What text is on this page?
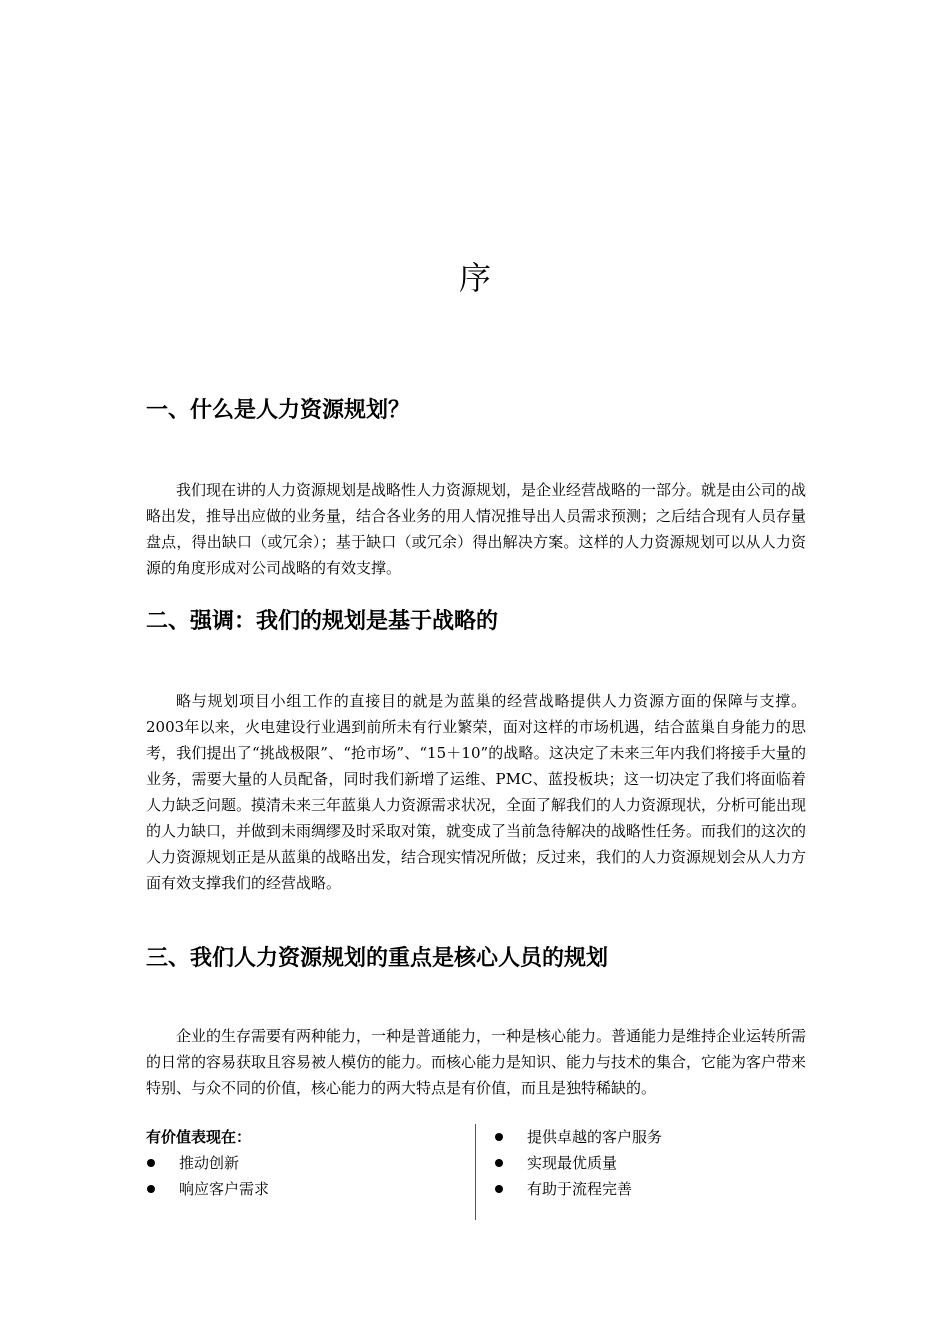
序
一、什么是人力资源规划？
我们现在讲的人力资源规划是战略性人力资源规划，是企业经营战略的一部分。就是由公司的战略出发，推导出应做的业务量，结合各业务的用人情况推导出人员需求预测；之后结合现有人员存量盘点，得出缺口（或冗余）；基于缺口（或冗余）得出解决方案。这样的人力资源规划可以从人力资源的角度形成对公司战略的有效支撑。
二、强调：我们的规划是基于战略的
略与规划项目小组工作的直接目的就是为蓝巢的经营战略提供人力资源方面的保障与支撑。2003年以来，火电建设行业遇到前所未有行业繁荣，面对这样的市场机遇，结合蓝巢自身能力的思考，我们提出了“挑战极限”、“抢市场”、“15＋10”的战略。这决定了未来三年内我们将接手大量的业务，需要大量的人员配备，同时我们新增了运维、PMC、蓝投板块；这一切决定了我们将面临着人力缺乏问题。摸清未来三年蓝巢人力资源需求状况，全面了解我们的人力资源现状，分析可能出现的人力缺口，并做到未雨绸缪及时采取对策，就变成了当前急待解决的战略性任务。而我们的这次的人力资源规划正是从蓝巢的战略出发，结合现实情况所做；反过来，我们的人力资源规划会从人力方面有效支撑我们的经营战略。
三、我们人力资源规划的重点是核心人员的规划
企业的生存需要有两种能力，一种是普通能力，一种是核心能力。普通能力是维持企业运转所需的日常的容易获取且容易被人模仿的能力。而核心能力是知识、能力与技术的集合，它能为客户带来特别、与众不同的价值，核心能力的两大特点是有价值，而且是独特稀缺的。
有价值表现在：
推动创新
响应客户需求
提供卓越的客户服务
实现最优质量
有助于流程完善
